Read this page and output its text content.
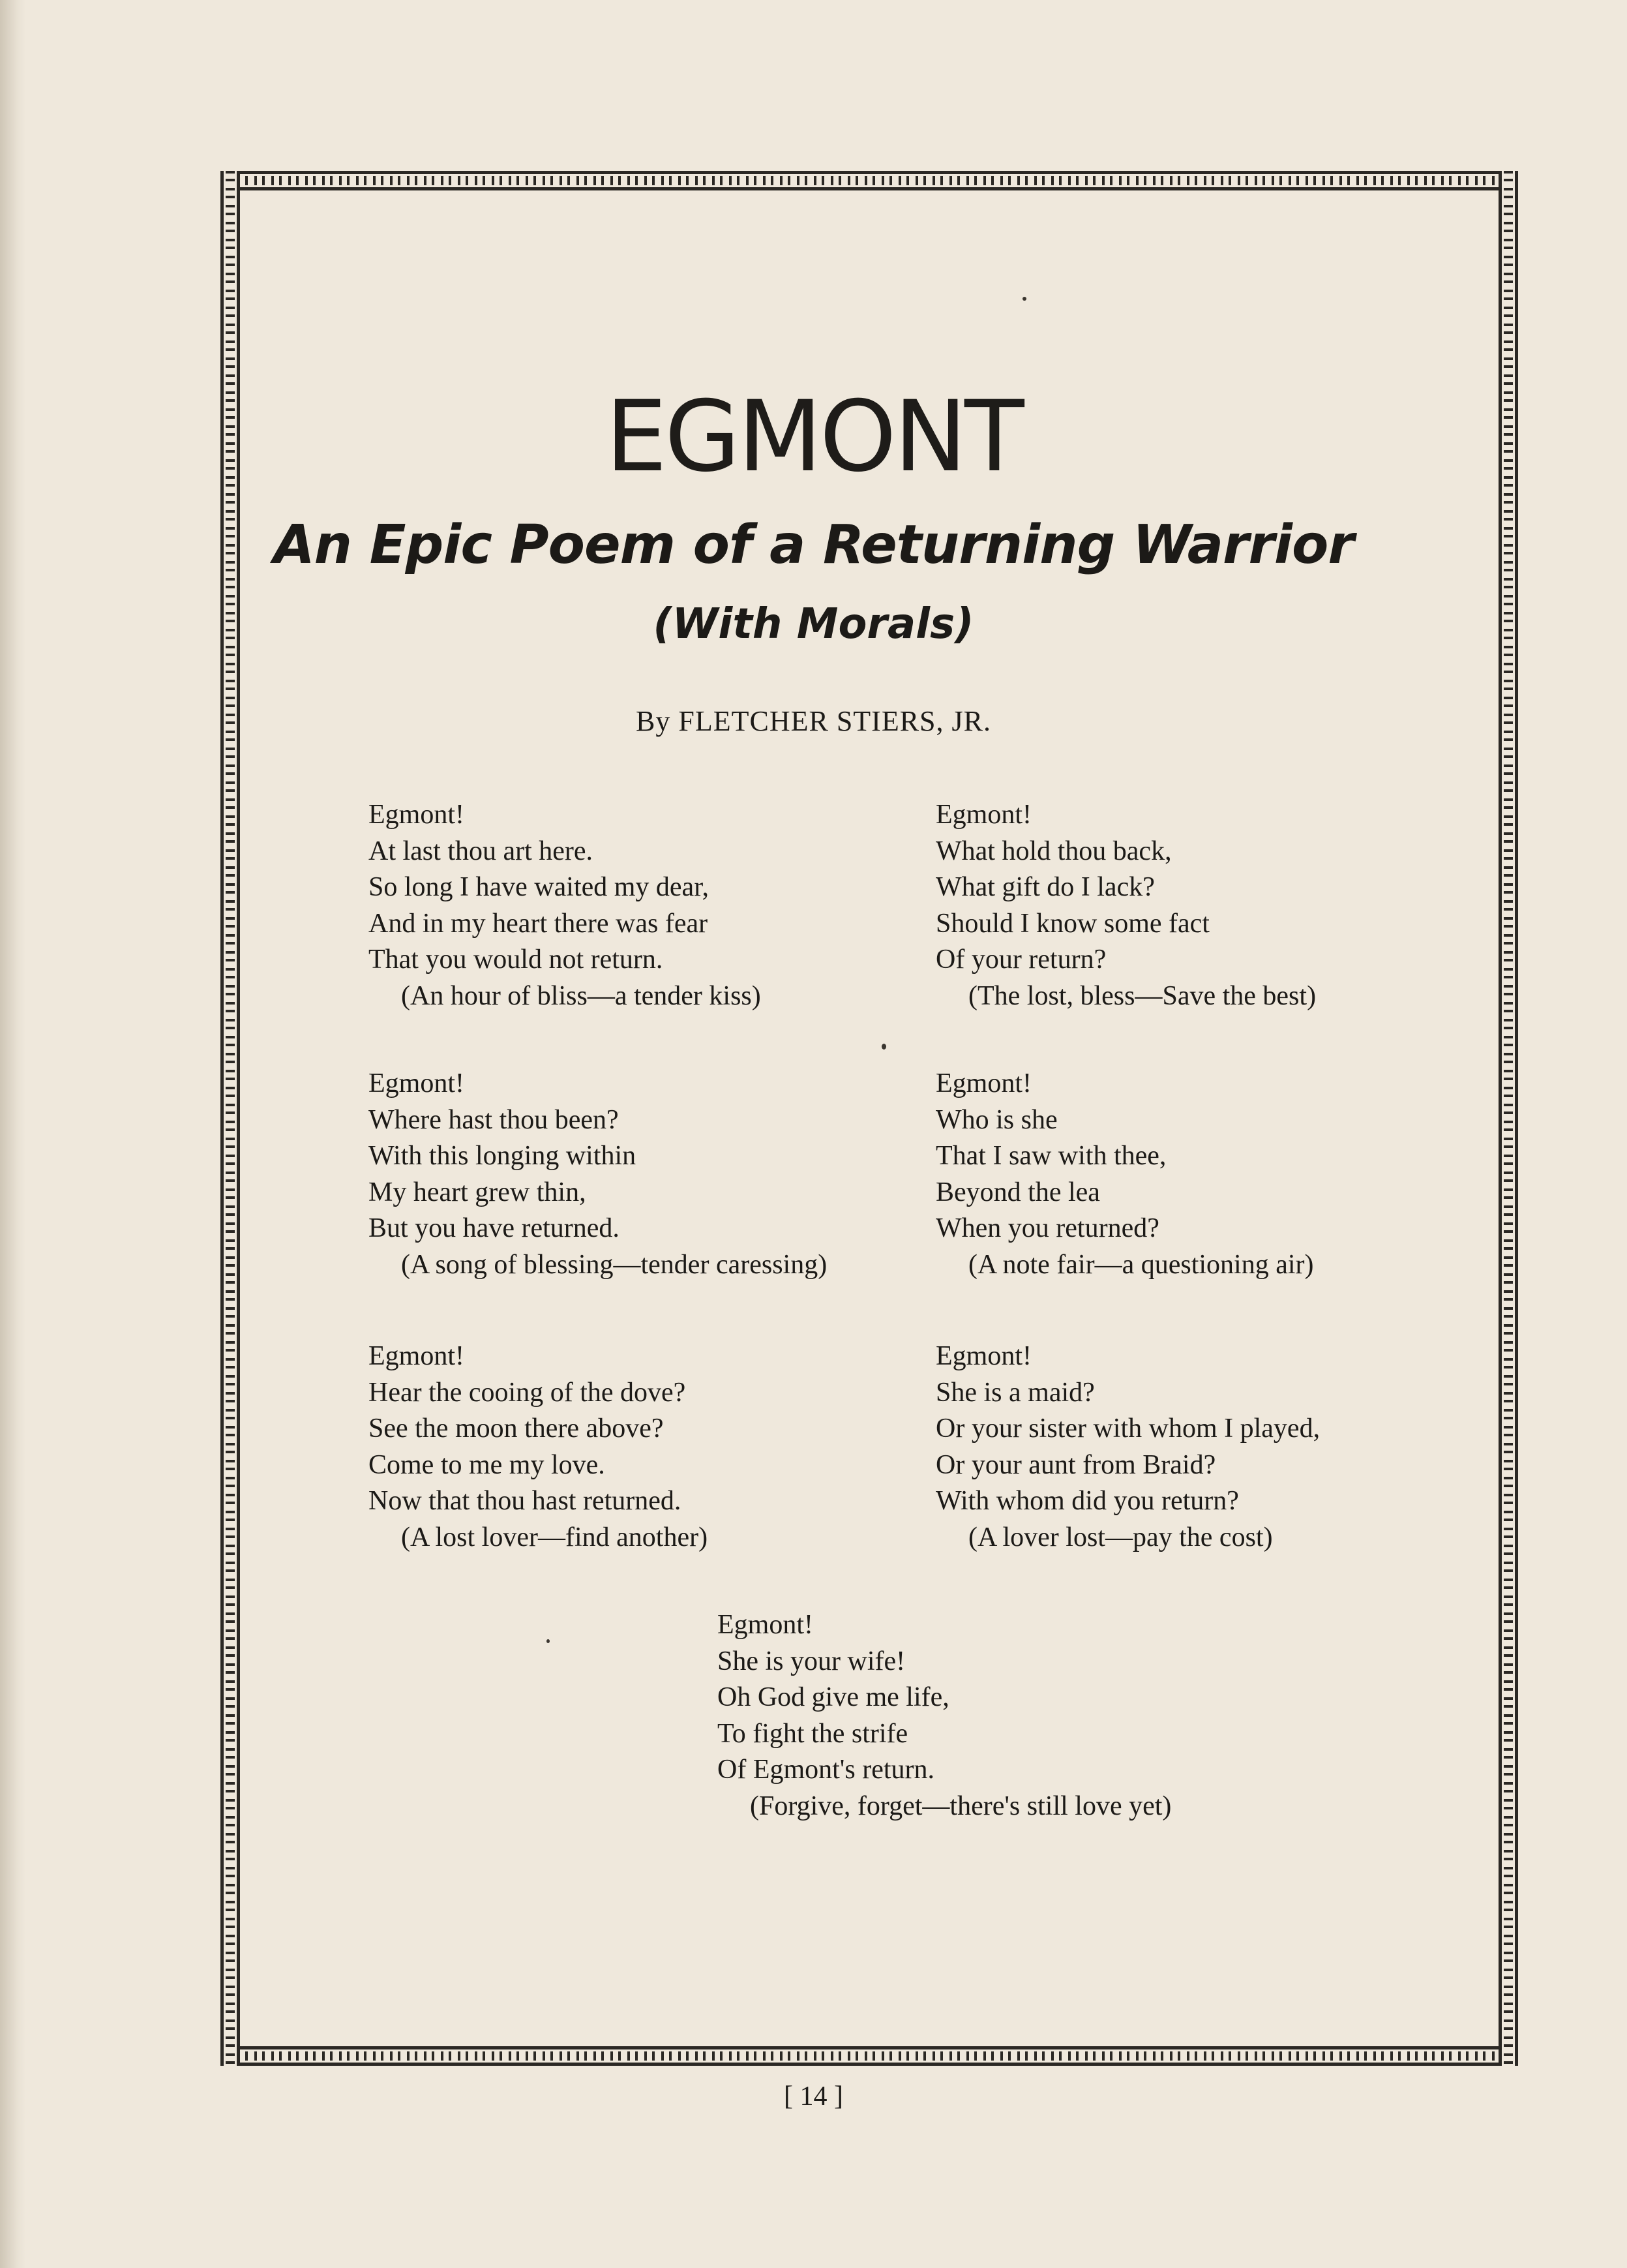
EGMONT
An Epic Poem of a Returning Warrior
(With Morals)
By FLETCHER STIERS, JR.
Egmont!
At last thou art here.
So long I have waited my dear,
And in my heart there was fear
That you would not return.
(An hour of bliss—a tender kiss)
Egmont!
What hold thou back,
What gift do I lack?
Should I know some fact
Of your return?
(The lost, bless—Save the best)
Egmont!
Where hast thou been?
With this longing within
My heart grew thin,
But you have returned.
(A song of blessing—tender caressing)
Egmont!
Who is she
That I saw with thee,
Beyond the lea
When you returned?
(A note fair—a questioning air)
Egmont!
Hear the cooing of the dove?
See the moon there above?
Come to me my love.
Now that thou hast returned.
(A lost lover—find another)
Egmont!
She is a maid?
Or your sister with whom I played,
Or your aunt from Braid?
With whom did you return?
(A lover lost—pay the cost)
Egmont!
She is your wife!
Oh God give me life,
To fight the strife
Of Egmont's return.
(Forgive, forget—there's still love yet)
[ 14 ]
